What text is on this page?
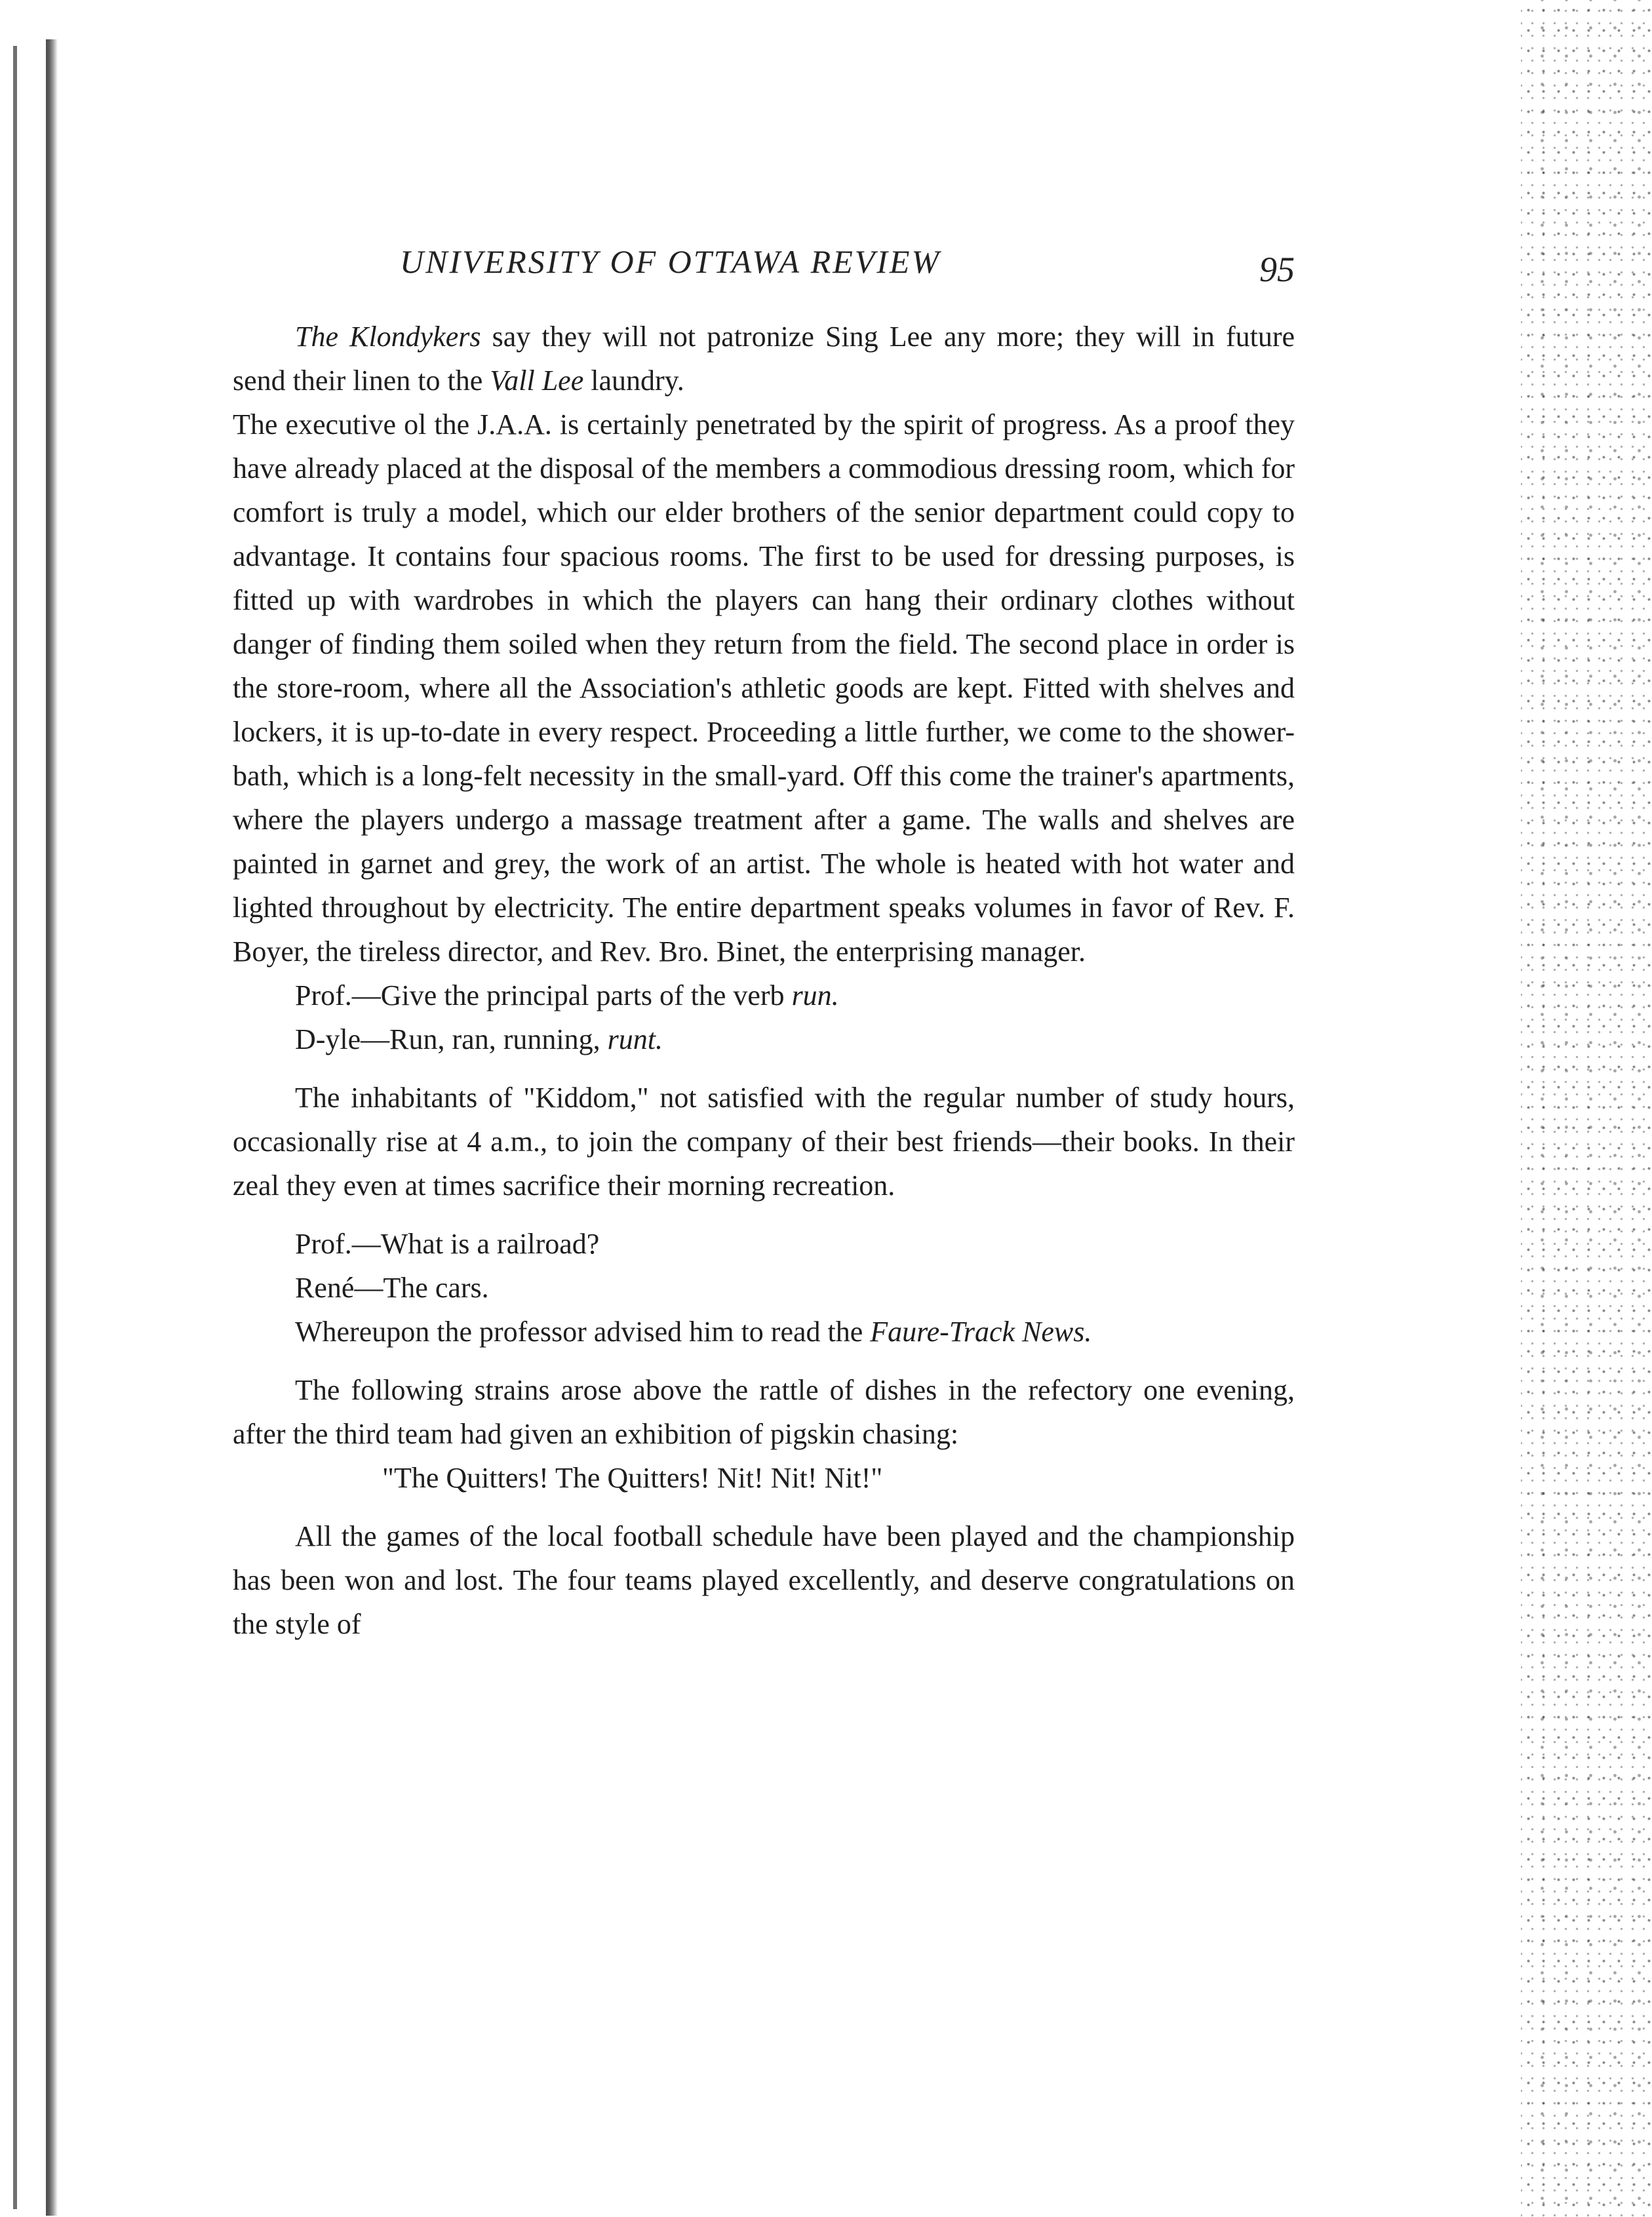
UNIVERSITY OF OTTAWA REVIEW	95

The Klondykers say they will not patronize Sing Lee any more; they will in future send their linen to the Vall Lee laundry.

The executive ol the J.A.A. is certainly penetrated by the spirit of progress. As a proof they have already placed at the disposal of the members a commodious dressing room, which for comfort is truly a model, which our elder brothers of the senior department could copy to advantage. It contains four spacious rooms. The first to be used for dressing purposes, is fitted up with wardrobes in which the players can hang their ordinary clothes without danger of finding them soiled when they return from the field. The second place in order is the store-room, where all the Association's athletic goods are kept. Fitted with shelves and lockers, it is up-to-date in every respect. Proceeding a little further, we come to the shower-bath, which is a long-felt necessity in the small-yard. Off this come the trainer's apartments, where the players undergo a massage treatment after a game. The walls and shelves are painted in garnet and grey, the work of an artist. The whole is heated with hot water and lighted throughout by electricity. The entire department speaks volumes in favor of Rev. F. Boyer, the tireless director, and Rev. Bro. Binet, the enterprising manager.

Prof.—Give the principal parts of the verb run.

D-yle—Run, ran, running, runt.

The inhabitants of "Kiddom," not satisfied with the regular number of study hours, occasionally rise at 4 a.m., to join the company of their best friends—their books. In their zeal they even at times sacrifice their morning recreation.

Prof.—What is a railroad?

René—The cars.

Whereupon the professor advised him to read the Faure-Track News.

The following strains arose above the rattle of dishes in the refectory one evening, after the third team had given an exhibition of pigskin chasing:

"The Quitters! The Quitters! Nit! Nit! Nit!"

All the games of the local football schedule have been played and the championship has been won and lost. The four teams played excellently, and deserve congratulations on the style of
